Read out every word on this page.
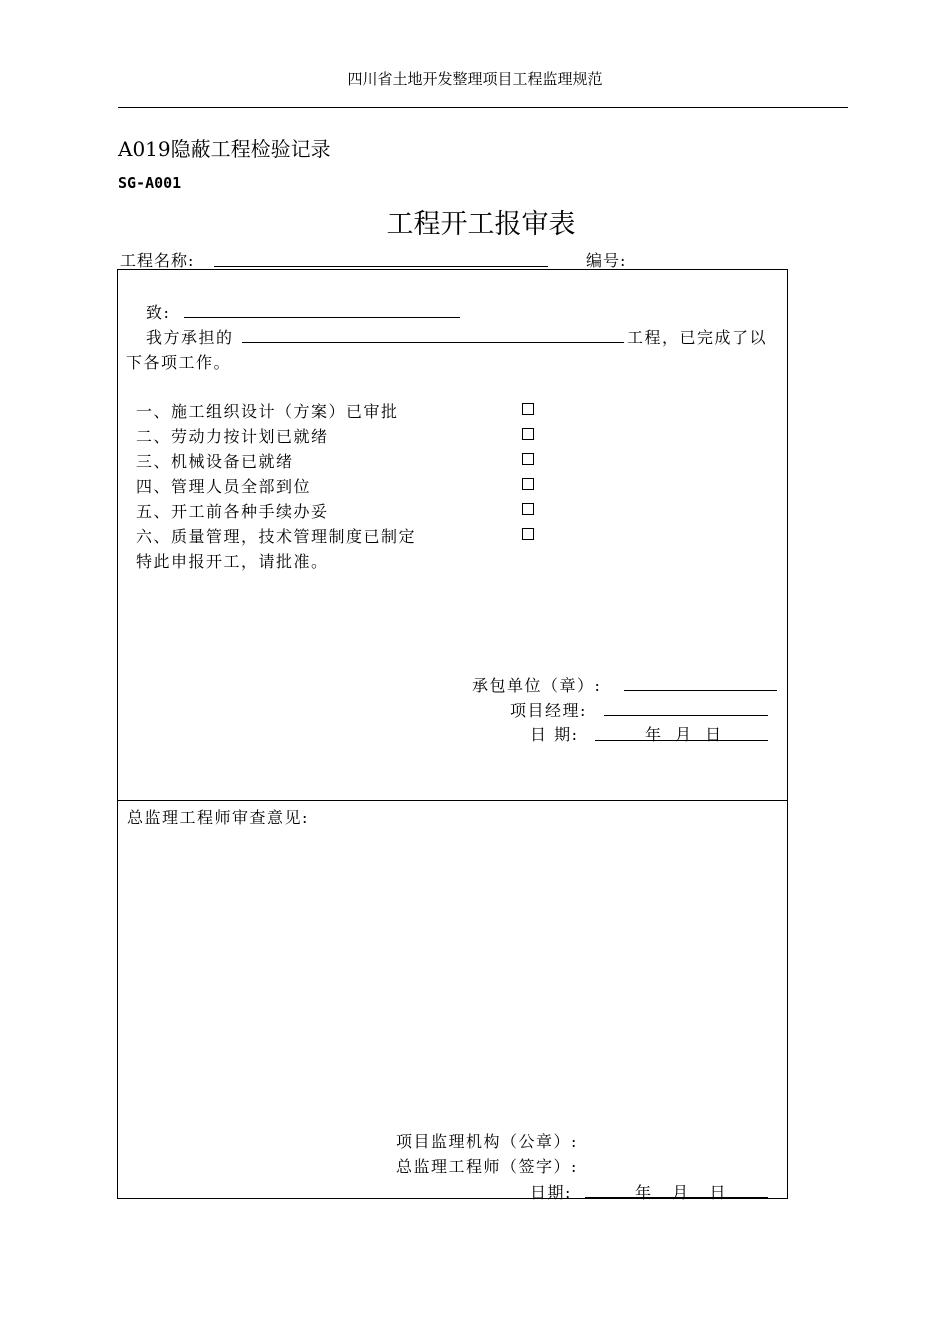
四川省土地开发整理项目工程监理规范
A019隐蔽工程检验记录
SG-A001
工程开工报审表
工程名称:	编号:
致:
我方承担的	工程，已完成了以
下各项工作。
一、施工组织设计（方案）已审批
二、劳动力按计划已就绪
三、机械设备已就绪
四、管理人员全部到位
五、开工前各种手续办妥
六、质量管理，技术管理制度已制定
特此申报开工，请批准。
承包单位（章）:
项目经理:
日 期:	年 月 日
总监理工程师审查意见:
项目监理机构（公章）:
总监理工程师（签字）:
日期:	年   月   日
